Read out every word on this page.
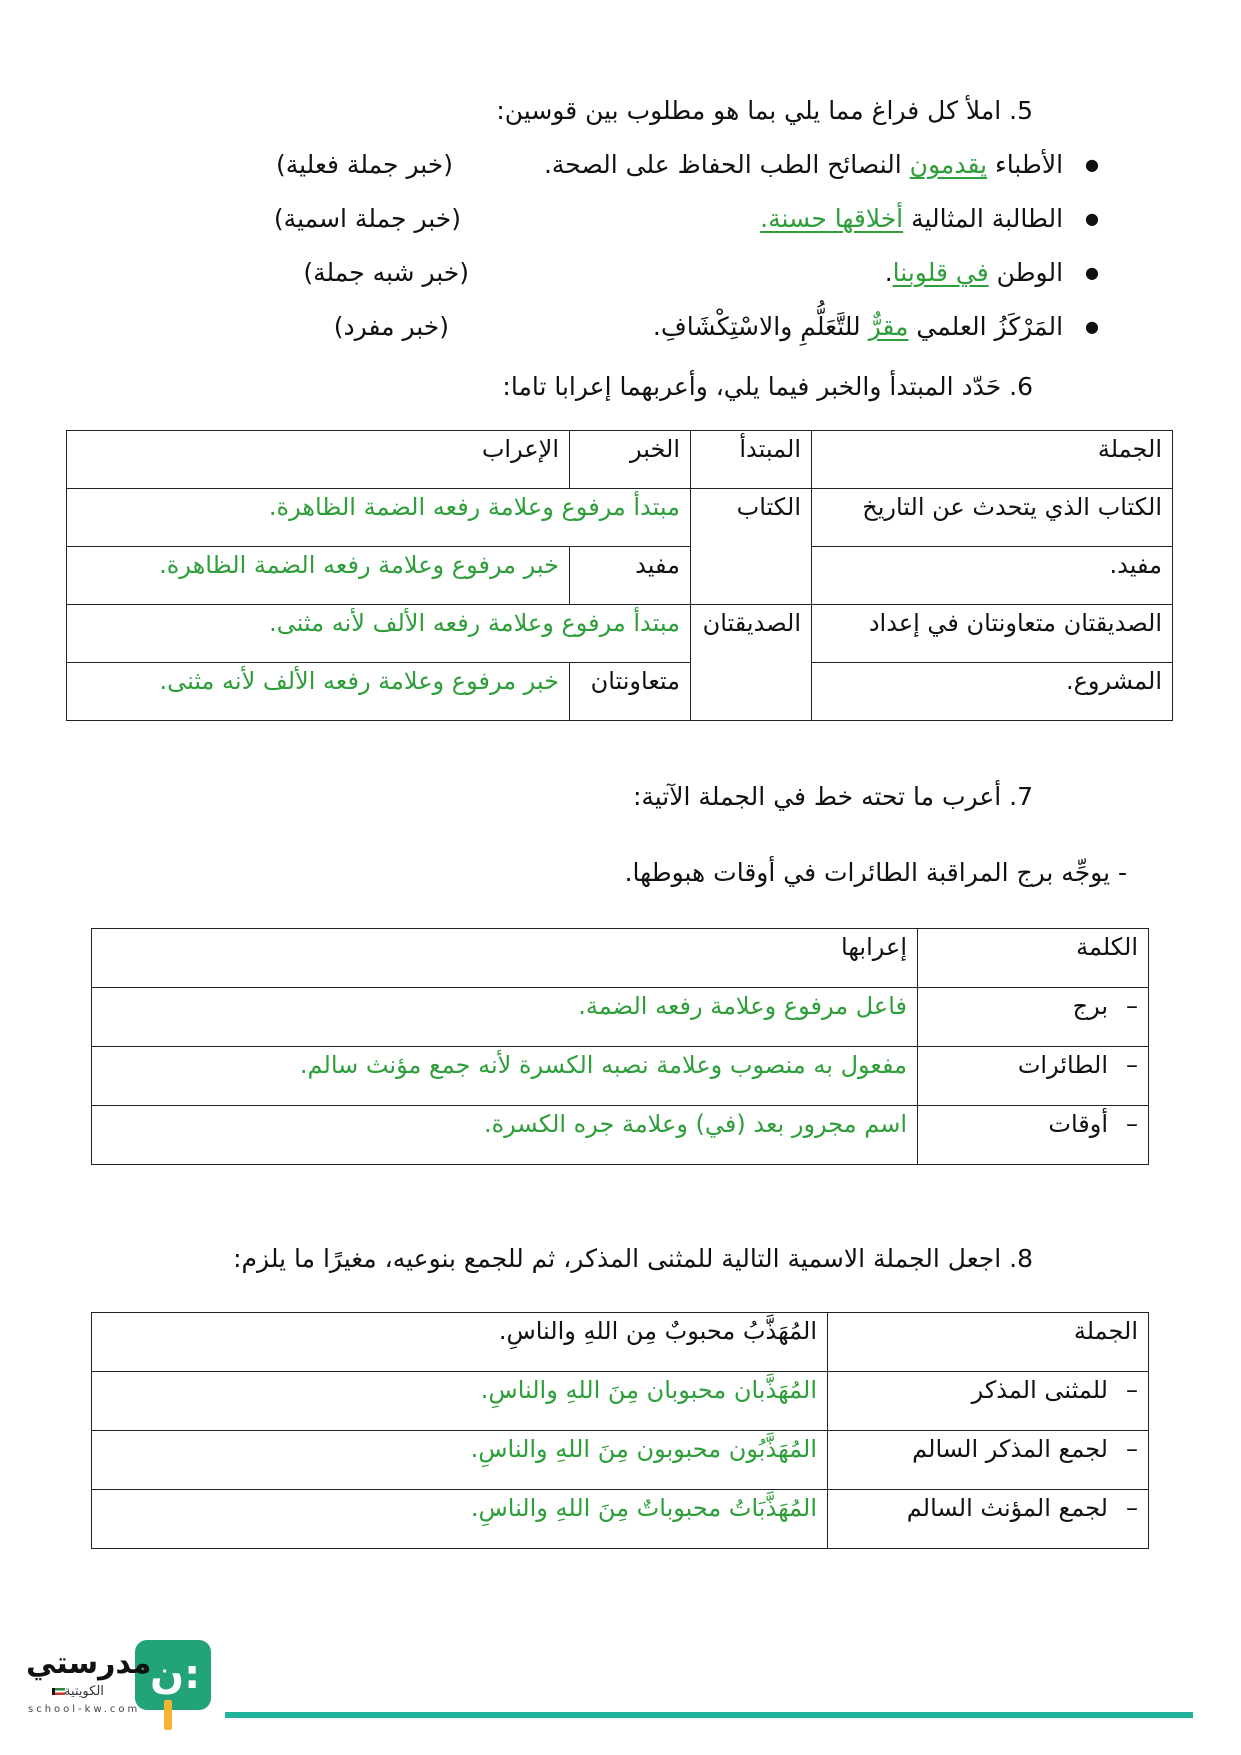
5. املأ كل فراغ مما يلي بما هو مطلوب بين قوسين:
● الأطباء يقدمون النصائح الطب الحفاظ على الصحة.
(خبر جملة فعلية)
● الطالبة المثالية أخلاقها حسنة.
(خبر جملة اسمية)
● الوطن في قلوبنا.
(خبر شبه جملة)
● المَرْكَزُ العلمي مقرٌّ للتَّعَلُّمِ والاسْتِكْشَافِ.
(خبر مفرد)
6. حَدّد المبتدأ والخبر فيما يلي، وأعربهما إعرابا تاما:
الجملة	المبتدأ	الخبر	الإعراب
الكتاب الذي يتحدث عن التاريخ	الكتاب	مبتدأ مرفوع وعلامة رفعه الضمة الظاهرة.	
مفيد.		مفيد	خبر مرفوع وعلامة رفعه الضمة الظاهرة.
الصديقتان متعاونتان في إعداد	الصديقتان	مبتدأ مرفوع وعلامة رفعه الألف لأنه مثنى.	
المشروع.		متعاونتان	خبر مرفوع وعلامة رفعه الألف لأنه مثنى.
7. أعرب ما تحته خط في الجملة الآتية:
- يوجِّه برج المراقبة الطائرات في أوقات هبوطها.
الكلمة	إعرابها
– برج	فاعل مرفوع وعلامة رفعه الضمة.
– الطائرات	مفعول به منصوب وعلامة نصبه الكسرة لأنه جمع مؤنث سالم.
– أوقات	اسم مجرور بعد (في) وعلامة جره الكسرة.
8. اجعل الجملة الاسمية التالية للمثنى المذكر، ثم للجمع بنوعيه، مغيرًا ما يلزم:
الجملة	المُهَذَّبُ محبوبٌ مِن اللهِ والناسِ.
– للمثنى المذكر	المُهَذَّبان محبوبان مِنَ اللهِ والناسِ.
– لجمع المذكر السالم	المُهَذَّبُون محبوبون مِنَ اللهِ والناسِ.
– لجمع المؤنث السالم	المُهَذَّبَاتُ محبوباتٌ مِنَ اللهِ والناسِ.
ن:
مدرستي
الكويتية
school-kw.com
